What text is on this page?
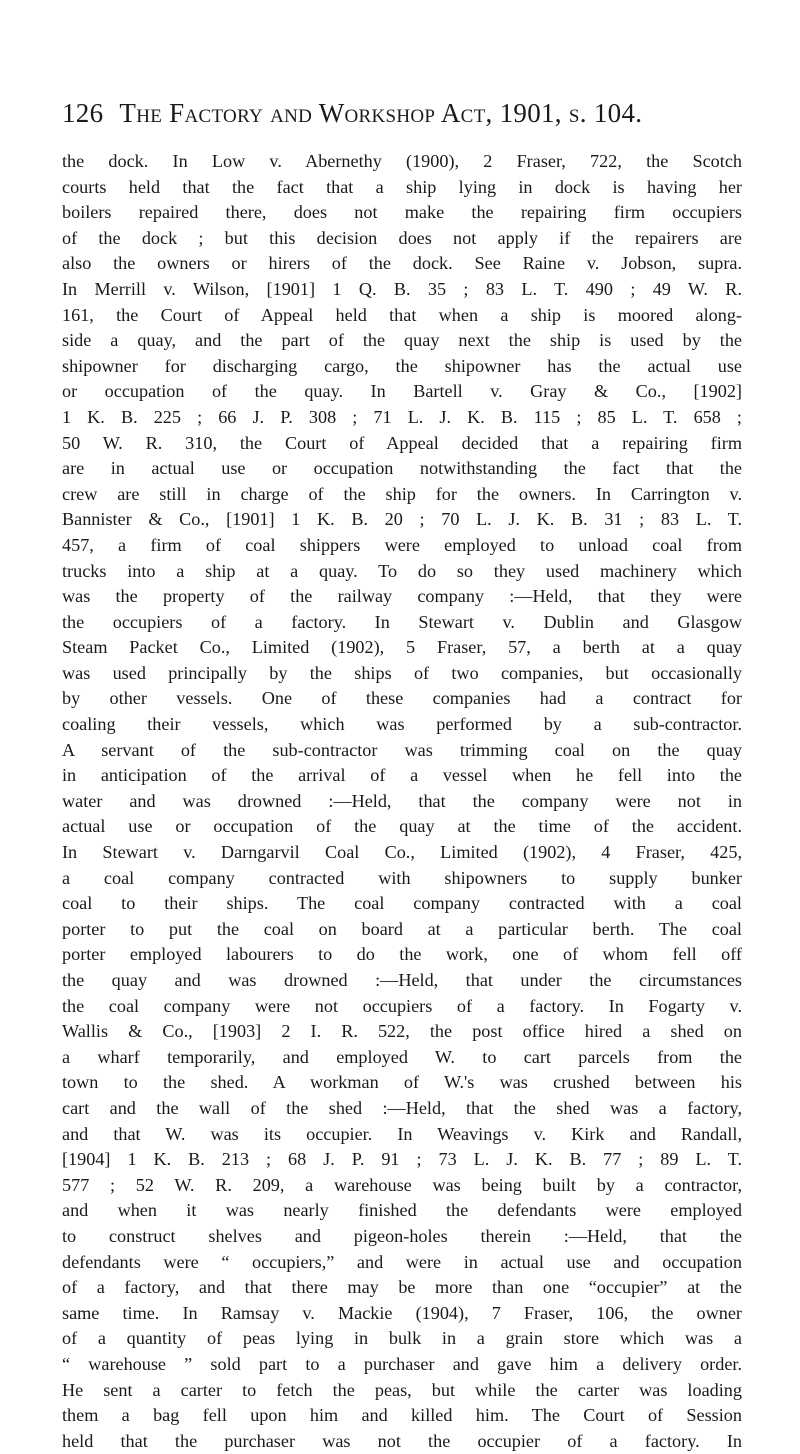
126 The Factory and Workshop Act, 1901, s. 104.
the dock. In Low v. Abernethy (1900), 2 Fraser, 722, the Scotch
courts held that the fact that a ship lying in dock is having her
boilers repaired there, does not make the repairing firm occupiers
of the dock ; but this decision does not apply if the repairers are
also the owners or hirers of the dock. See Raine v. Jobson, supra.
In Merrill v. Wilson, [1901] 1 Q. B. 35 ; 83 L. T. 490 ; 49 W. R.
161, the Court of Appeal held that when a ship is moored along-
side a quay, and the part of the quay next the ship is used by the
shipowner for discharging cargo, the shipowner has the actual use
or occupation of the quay. In Bartell v. Gray & Co., [1902]
1 K. B. 225 ; 66 J. P. 308 ; 71 L. J. K. B. 115 ; 85 L. T. 658 ;
50 W. R. 310, the Court of Appeal decided that a repairing firm
are in actual use or occupation notwithstanding the fact that the
crew are still in charge of the ship for the owners. In Carrington v.
Bannister & Co., [1901] 1 K. B. 20 ; 70 L. J. K. B. 31 ; 83 L. T.
457, a firm of coal shippers were employed to unload coal from
trucks into a ship at a quay. To do so they used machinery which
was the property of the railway company :—Held, that they were
the occupiers of a factory. In Stewart v. Dublin and Glasgow
Steam Packet Co., Limited (1902), 5 Fraser, 57, a berth at a quay
was used principally by the ships of two companies, but occasionally
by other vessels. One of these companies had a contract for
coaling their vessels, which was performed by a sub-contractor.
A servant of the sub-contractor was trimming coal on the quay
in anticipation of the arrival of a vessel when he fell into the
water and was drowned :—Held, that the company were not in
actual use or occupation of the quay at the time of the accident.
In Stewart v. Darngarvil Coal Co., Limited (1902), 4 Fraser, 425,
a coal company contracted with shipowners to supply bunker
coal to their ships. The coal company contracted with a coal
porter to put the coal on board at a particular berth. The coal
porter employed labourers to do the work, one of whom fell off
the quay and was drowned :—Held, that under the circumstances
the coal company were not occupiers of a factory. In Fogarty v.
Wallis & Co., [1903] 2 I. R. 522, the post office hired a shed on
a wharf temporarily, and employed W. to cart parcels from the
town to the shed. A workman of W.'s was crushed between his
cart and the wall of the shed :—Held, that the shed was a factory,
and that W. was its occupier. In Weavings v. Kirk and Randall,
[1904] 1 K. B. 213 ; 68 J. P. 91 ; 73 L. J. K. B. 77 ; 89 L. T.
577 ; 52 W. R. 209, a warehouse was being built by a contractor,
and when it was nearly finished the defendants were employed
to construct shelves and pigeon-holes therein :—Held, that the
defendants were “ occupiers,” and were in actual use and occupation
of a factory, and that there may be more than one “occupier” at the
same time. In Ramsay v. Mackie (1904), 7 Fraser, 106, the owner
of a quantity of peas lying in bulk in a grain store which was a
“ warehouse ” sold part to a purchaser and gave him a delivery order.
He sent a carter to fetch the peas, but while the carter was loading
them a bag fell upon him and killed him. The Court of Session
held that the purchaser was not the occupier of a factory. In
